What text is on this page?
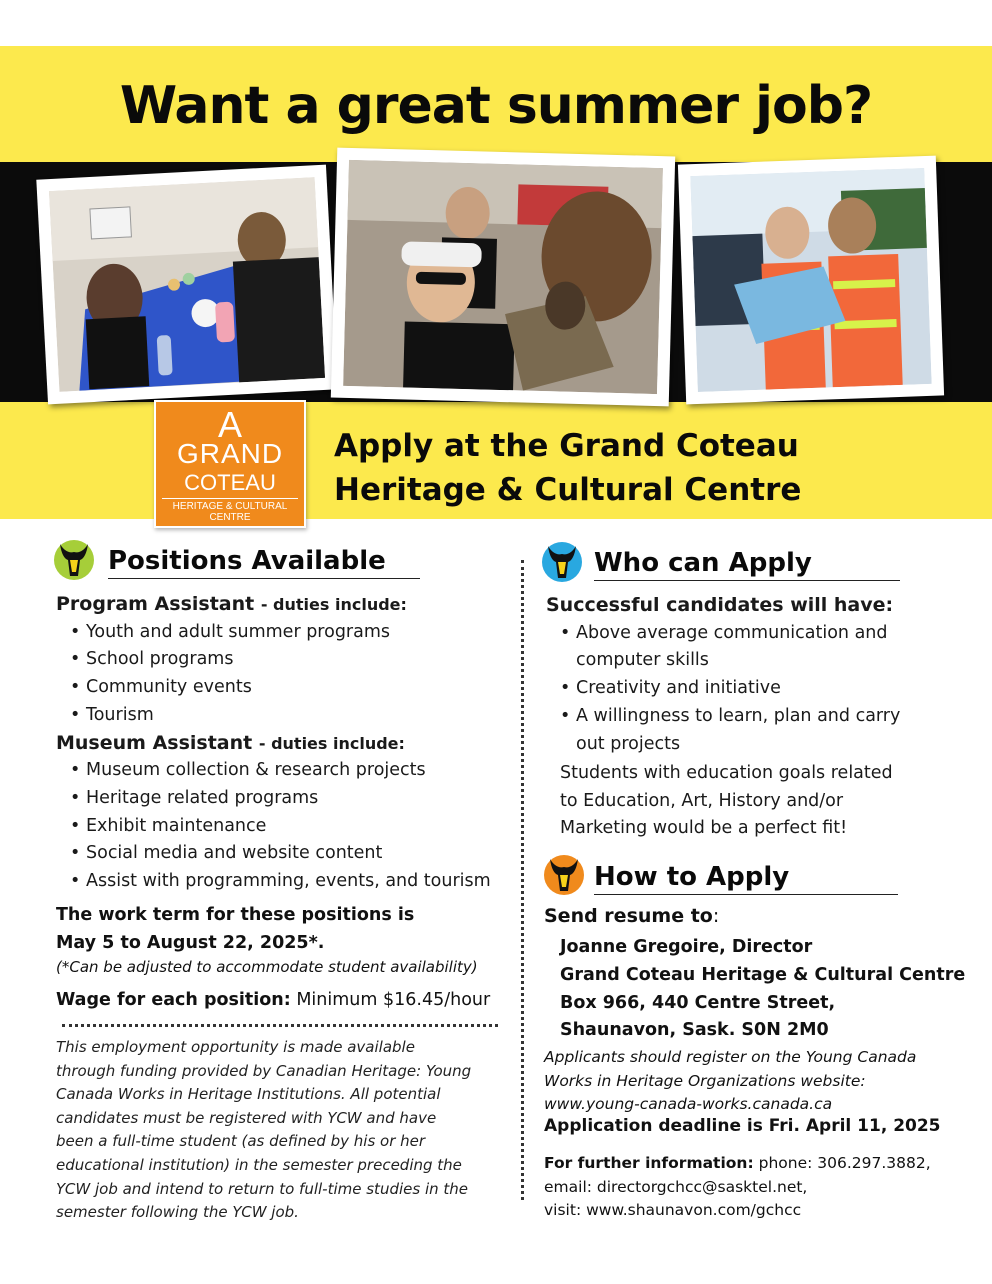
Want a great summer job?
A
GRAND
COTEAU
HERITAGE & CULTURAL CENTRE
Apply at the Grand Coteau
Heritage & Cultural Centre
Positions Available
Program Assistant - duties include:
• Youth and adult summer programs
• School programs
• Community events
• Tourism
Museum Assistant - duties include:
• Museum collection & research projects
• Heritage related programs
• Exhibit maintenance
• Social media and website content
• Assist with programming, events, and tourism
The work term for these positions is
May 5 to August 22, 2025*.
(*Can be adjusted to accommodate student availability)
Wage for each position: Minimum $16.45/hour
This employment opportunity is made available
through funding provided by Canadian Heritage: Young
Canada Works in Heritage Institutions. All potential
candidates must be registered with YCW and have
been a full-time student (as defined by his or her
educational institution) in the semester preceding the
YCW job and intend to return to full-time studies in the
semester following the YCW job.
Who can Apply
Successful candidates will have:
• Above average communication and
computer skills
• Creativity and initiative
• A willingness to learn, plan and carry
out projects
Students with education goals related
to Education, Art, History and/or
Marketing would be a perfect fit!
How to Apply
Send resume to:
Joanne Gregoire, Director
Grand Coteau Heritage & Cultural Centre
Box 966, 440 Centre Street,
Shaunavon, Sask. S0N 2M0
Applicants should register on the Young Canada
Works in Heritage Organizations website:
www.young-canada-works.canada.ca
Application deadline is Fri. April 11, 2025
For further information: phone: 306.297.3882,
email: directorgchcc@sasktel.net,
visit: www.shaunavon.com/gchcc
